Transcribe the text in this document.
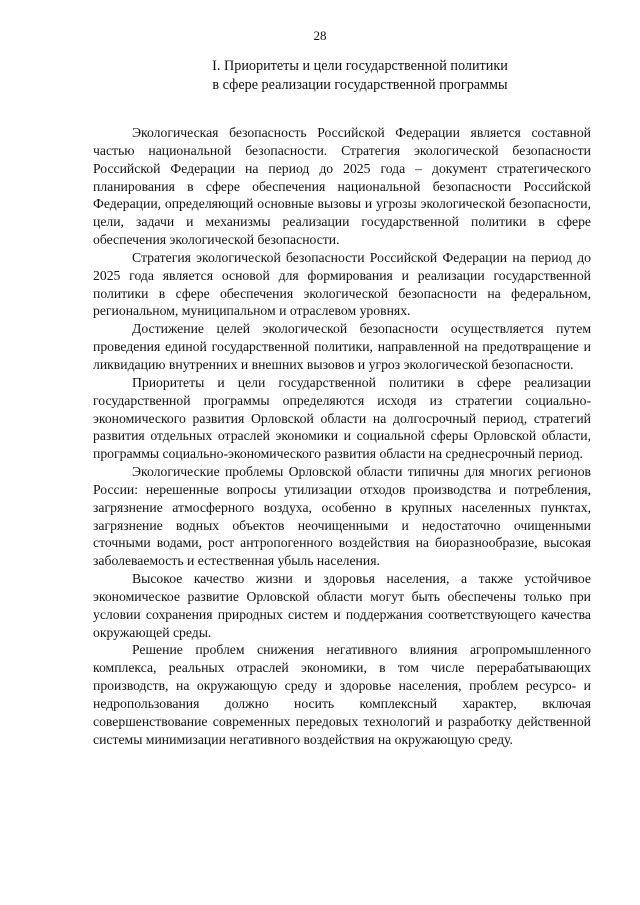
28
I. Приоритеты и цели государственной политики
в сфере реализации государственной программы

Экологическая безопасность Российской Федерации является составной частью национальной безопасности. Стратегия экологической безопасности Российской Федерации на период до 2025 года – документ стратегического планирования в сфере обеспечения национальной безопасности Российской Федерации, определяющий основные вызовы и угрозы экологической безопасности, цели, задачи и механизмы реализации государственной политики в сфере обеспечения экологической безопасности.

Стратегия экологической безопасности Российской Федерации на период до 2025 года является основой для формирования и реализации государственной политики в сфере обеспечения экологической безопасности на федеральном, региональном, муниципальном и отраслевом уровнях.

Достижение целей экологической безопасности осуществляется путем проведения единой государственной политики, направленной на предотвращение и ликвидацию внутренних и внешних вызовов и угроз экологической безопасности.

Приоритеты и цели государственной политики в сфере реализации государственной программы определяются исходя из стратегии социально-экономического развития Орловской области на долгосрочный период, стратегий развития отдельных отраслей экономики и социальной сферы Орловской области, программы социально-экономического развития области на среднесрочный период.

Экологические проблемы Орловской области типичны для многих регионов России: нерешенные вопросы утилизации отходов производства и потребления, загрязнение атмосферного воздуха, особенно в крупных населенных пунктах, загрязнение водных объектов неочищенными и недостаточно очищенными сточными водами, рост антропогенного воздействия на биоразнообразие, высокая заболеваемость и естественная убыль населения.

Высокое качество жизни и здоровья населения, а также устойчивое экономическое развитие Орловской области могут быть обеспечены только при условии сохранения природных систем и поддержания соответствующего качества окружающей среды.

Решение проблем снижения негативного влияния агропромышленного комплекса, реальных отраслей экономики, в том числе перерабатывающих производств, на окружающую среду и здоровье населения, проблем ресурсо- и недропользования должно носить комплексный характер, включая совершенствование современных передовых технологий и разработку действенной системы минимизации негативного воздействия на окружающую среду.
